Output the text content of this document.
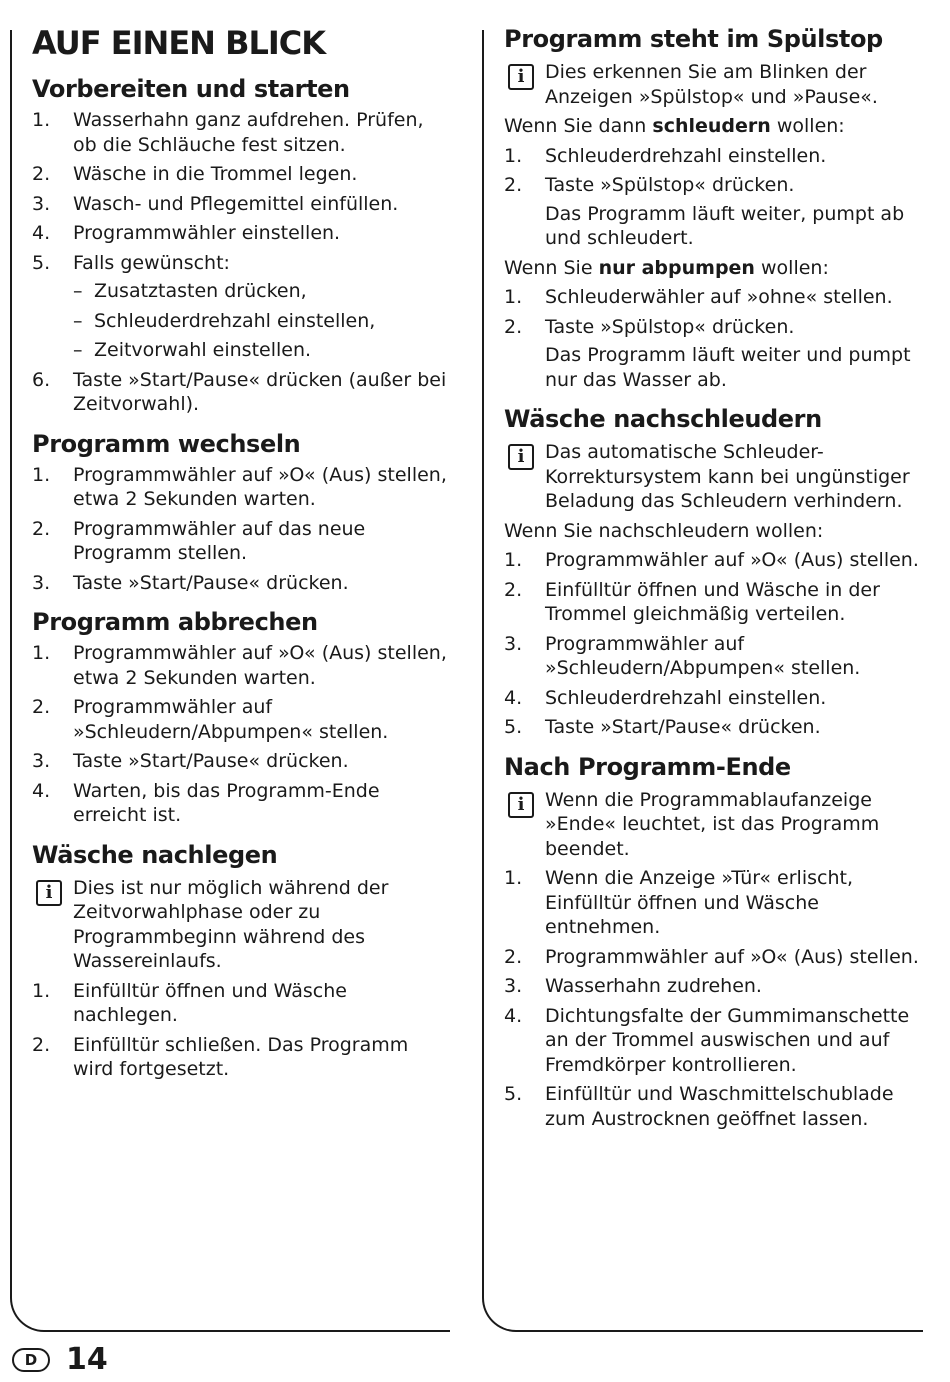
AUF EINEN BLICK
Vorbereiten und starten
1. Wasserhahn ganz aufdrehen. Prüfen, ob die Schläuche fest sitzen.
2. Wäsche in die Trommel legen.
3. Wasch- und Pflegemittel einfüllen.
4. Programmwähler einstellen.
5. Falls gewünscht:
– Zusatztasten drücken,
– Schleuderdrehzahl einstellen,
– Zeitvorwahl einstellen.
6. Taste »Start/Pause« drücken (außer bei Zeitvorwahl).
Programm wechseln
1. Programmwähler auf »O« (Aus) stellen, etwa 2 Sekunden warten.
2. Programmwähler auf das neue Programm stellen.
3. Taste »Start/Pause« drücken.
Programm abbrechen
1. Programmwähler auf »O« (Aus) stellen, etwa 2 Sekunden warten.
2. Programmwähler auf »Schleudern/Abpumpen« stellen.
3. Taste »Start/Pause« drücken.
4. Warten, bis das Programm-Ende erreicht ist.
Wäsche nachlegen
i	Dies ist nur möglich während der Zeitvorwahlphase oder zu Programmbeginn während des Wassereinlaufs.
1. Einfülltür öffnen und Wäsche nachlegen.
2. Einfülltür schließen. Das Programm wird fortgesetzt.
Programm steht im Spülstop
i	Dies erkennen Sie am Blinken der Anzeigen »Spülstop« und »Pause«.

Wenn Sie dann schleudern wollen:

1. Schleuderdrehzahl einstellen.
2. Taste »Spülstop« drücken.
Das Programm läuft weiter, pumpt ab und schleudert.

Wenn Sie nur abpumpen wollen:

1. Schleuderwähler auf »ohne« stellen.
2. Taste »Spülstop« drücken.
Das Programm läuft weiter und pumpt nur das Wasser ab.
Wäsche nachschleudern
i	Das automatische Schleuder-Korrektursystem kann bei ungünstiger Beladung das Schleudern verhindern.

Wenn Sie nachschleudern wollen:

1. Programmwähler auf »O« (Aus) stellen.
2. Einfülltür öffnen und Wäsche in der Trommel gleichmäßig verteilen.
3. Programmwähler auf »Schleudern/Abpumpen« stellen.
4. Schleuderdrehzahl einstellen.
5. Taste »Start/Pause« drücken.
Nach Programm-Ende
i	Wenn die Programmablaufanzeige »Ende« leuchtet, ist das Programm beendet.
1. Wenn die Anzeige »Tür« erlischt, Einfülltür öffnen und Wäsche entnehmen.
2. Programmwähler auf »O« (Aus) stellen.
3. Wasserhahn zudrehen.
4. Dichtungsfalte der Gummimanschette an der Trommel auswischen und auf Fremdkörper kontrollieren.
5. Einfülltür und Waschmittelschublade zum Austrocknen geöffnet lassen.
D 14
